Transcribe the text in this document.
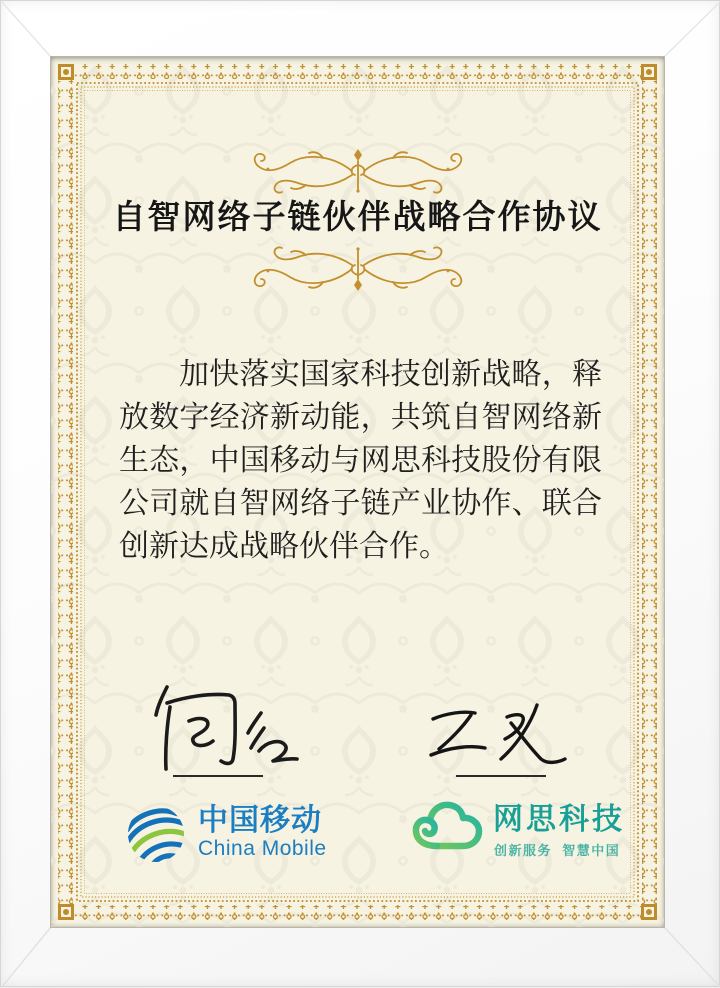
自智网络子链伙伴战略合作协议
加快落实国家科技创新战略，释放数字经济新动能，共筑自智网络新生态，中国移动与网思科技股份有限公司就自智网络子链产业协作、联合创新达成战略伙伴合作。
中国移动
China Mobile
网思科技
创新服务  智慧中国
